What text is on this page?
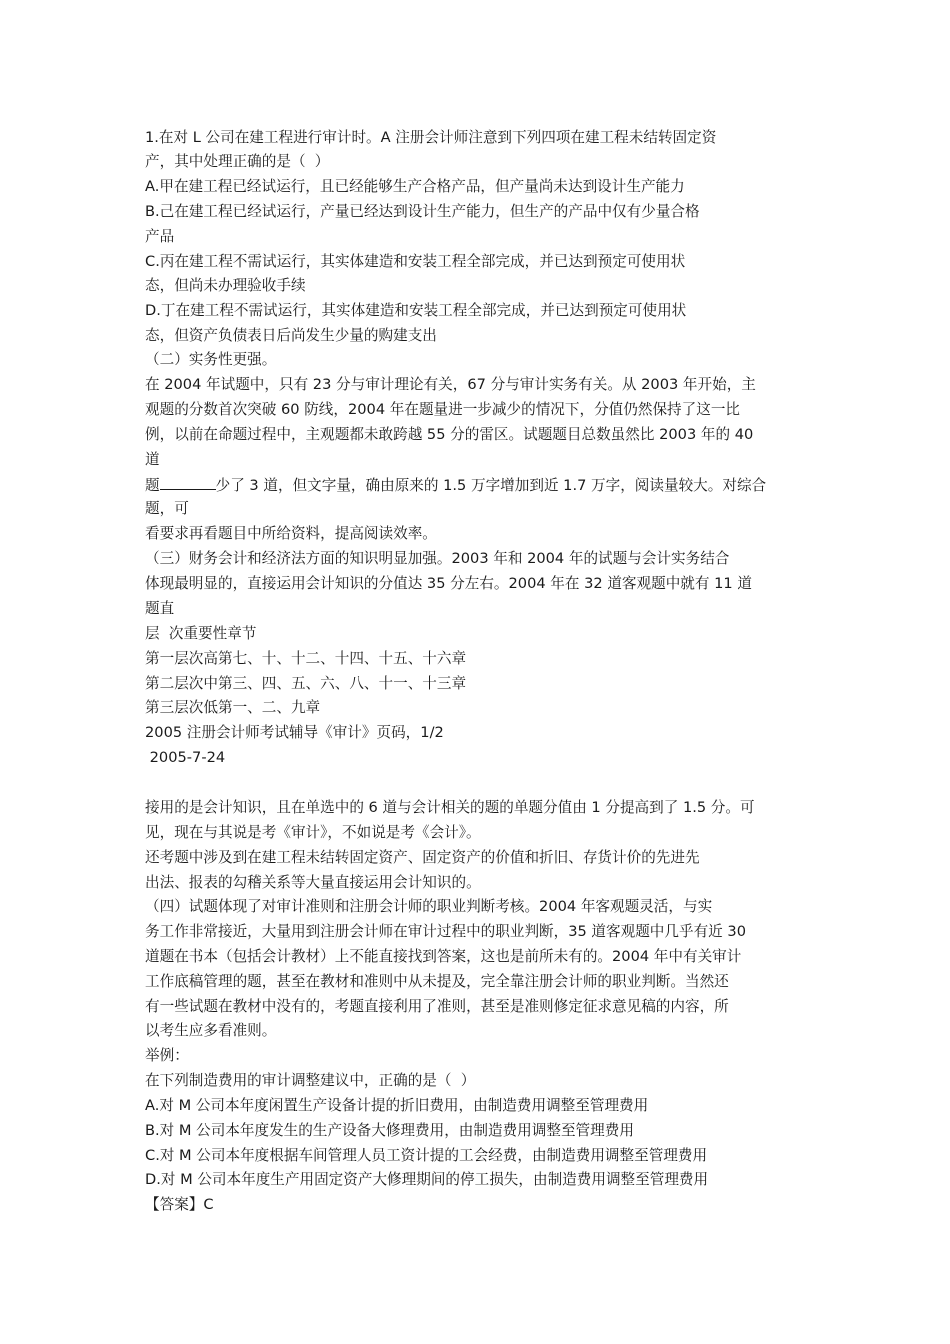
1.在对 L 公司在建工程进行审计时。A 注册会计师注意到下列四项在建工程未结转固定资
产，其中处理正确的是（  ）
A.甲在建工程已经试运行，且已经能够生产合格产品，但产量尚未达到设计生产能力
B.己在建工程已经试运行，产量已经达到设计生产能力，但生产的产品中仅有少量合格
产品
C.丙在建工程不需试运行，其实体建造和安装工程全部完成，并已达到预定可使用状
态，但尚未办理验收手续
D.丁在建工程不需试运行，其实体建造和安装工程全部完成，并已达到预定可使用状
态，但资产负债表日后尚发生少量的购建支出
（二）实务性更强。
在 2004 年试题中，只有 23 分与审计理论有关，67 分与审计实务有关。从 2003 年开始，主
观题的分数首次突破 60 防线，2004 年在题量进一步减少的情况下，分值仍然保持了这一比
例，以前在命题过程中，主观题都未敢跨越 55 分的雷区。试题题目总数虽然比 2003 年的 40
道
题	少了 3 道，但文字量，确由原来的 1.5 万字增加到近 1.7 万字，阅读量较大。对综合
题，可
看要求再看题目中所给资料，提高阅读效率。
（三）财务会计和经济法方面的知识明显加强。2003 年和 2004 年的试题与会计实务结合
体现最明显的，直接运用会计知识的分值达 35 分左右。2004 年在 32 道客观题中就有 11 道
题直
层  次重要性章节
第一层次高第七、十、十二、十四、十五、十六章
第二层次中第三、四、五、六、八、十一、十三章
第三层次低第一、二、九章
2005 注册会计师考试辅导《审计》页码，1/2
2005-7-24
接用的是会计知识，且在单选中的 6 道与会计相关的题的单题分值由 1 分提高到了 1.5 分。可
见，现在与其说是考《审计》，不如说是考《会计》。
还考题中涉及到在建工程未结转固定资产、固定资产的价值和折旧、存货计价的先进先
出法、报表的勾稽关系等大量直接运用会计知识的。
（四）试题体现了对审计准则和注册会计师的职业判断考核。2004 年客观题灵活，与实
务工作非常接近，大量用到注册会计师在审计过程中的职业判断，35 道客观题中几乎有近 30
道题在书本（包括会计教材）上不能直接找到答案，这也是前所未有的。2004 年中有关审计
工作底稿管理的题，甚至在教材和准则中从未提及，完全靠注册会计师的职业判断。当然还
有一些试题在教材中没有的，考题直接利用了准则，甚至是准则修定征求意见稿的内容，所
以考生应多看准则。
举例：
在下列制造费用的审计调整建议中，正确的是（  ）
A.对 M 公司本年度闲置生产设备计提的折旧费用，由制造费用调整至管理费用
B.对 M 公司本年度发生的生产设备大修理费用，由制造费用调整至管理费用
C.对 M 公司本年度根据车间管理人员工资计提的工会经费，由制造费用调整至管理费用
D.对 M 公司本年度生产用固定资产大修理期间的停工损失，由制造费用调整至管理费用
【答案】C
